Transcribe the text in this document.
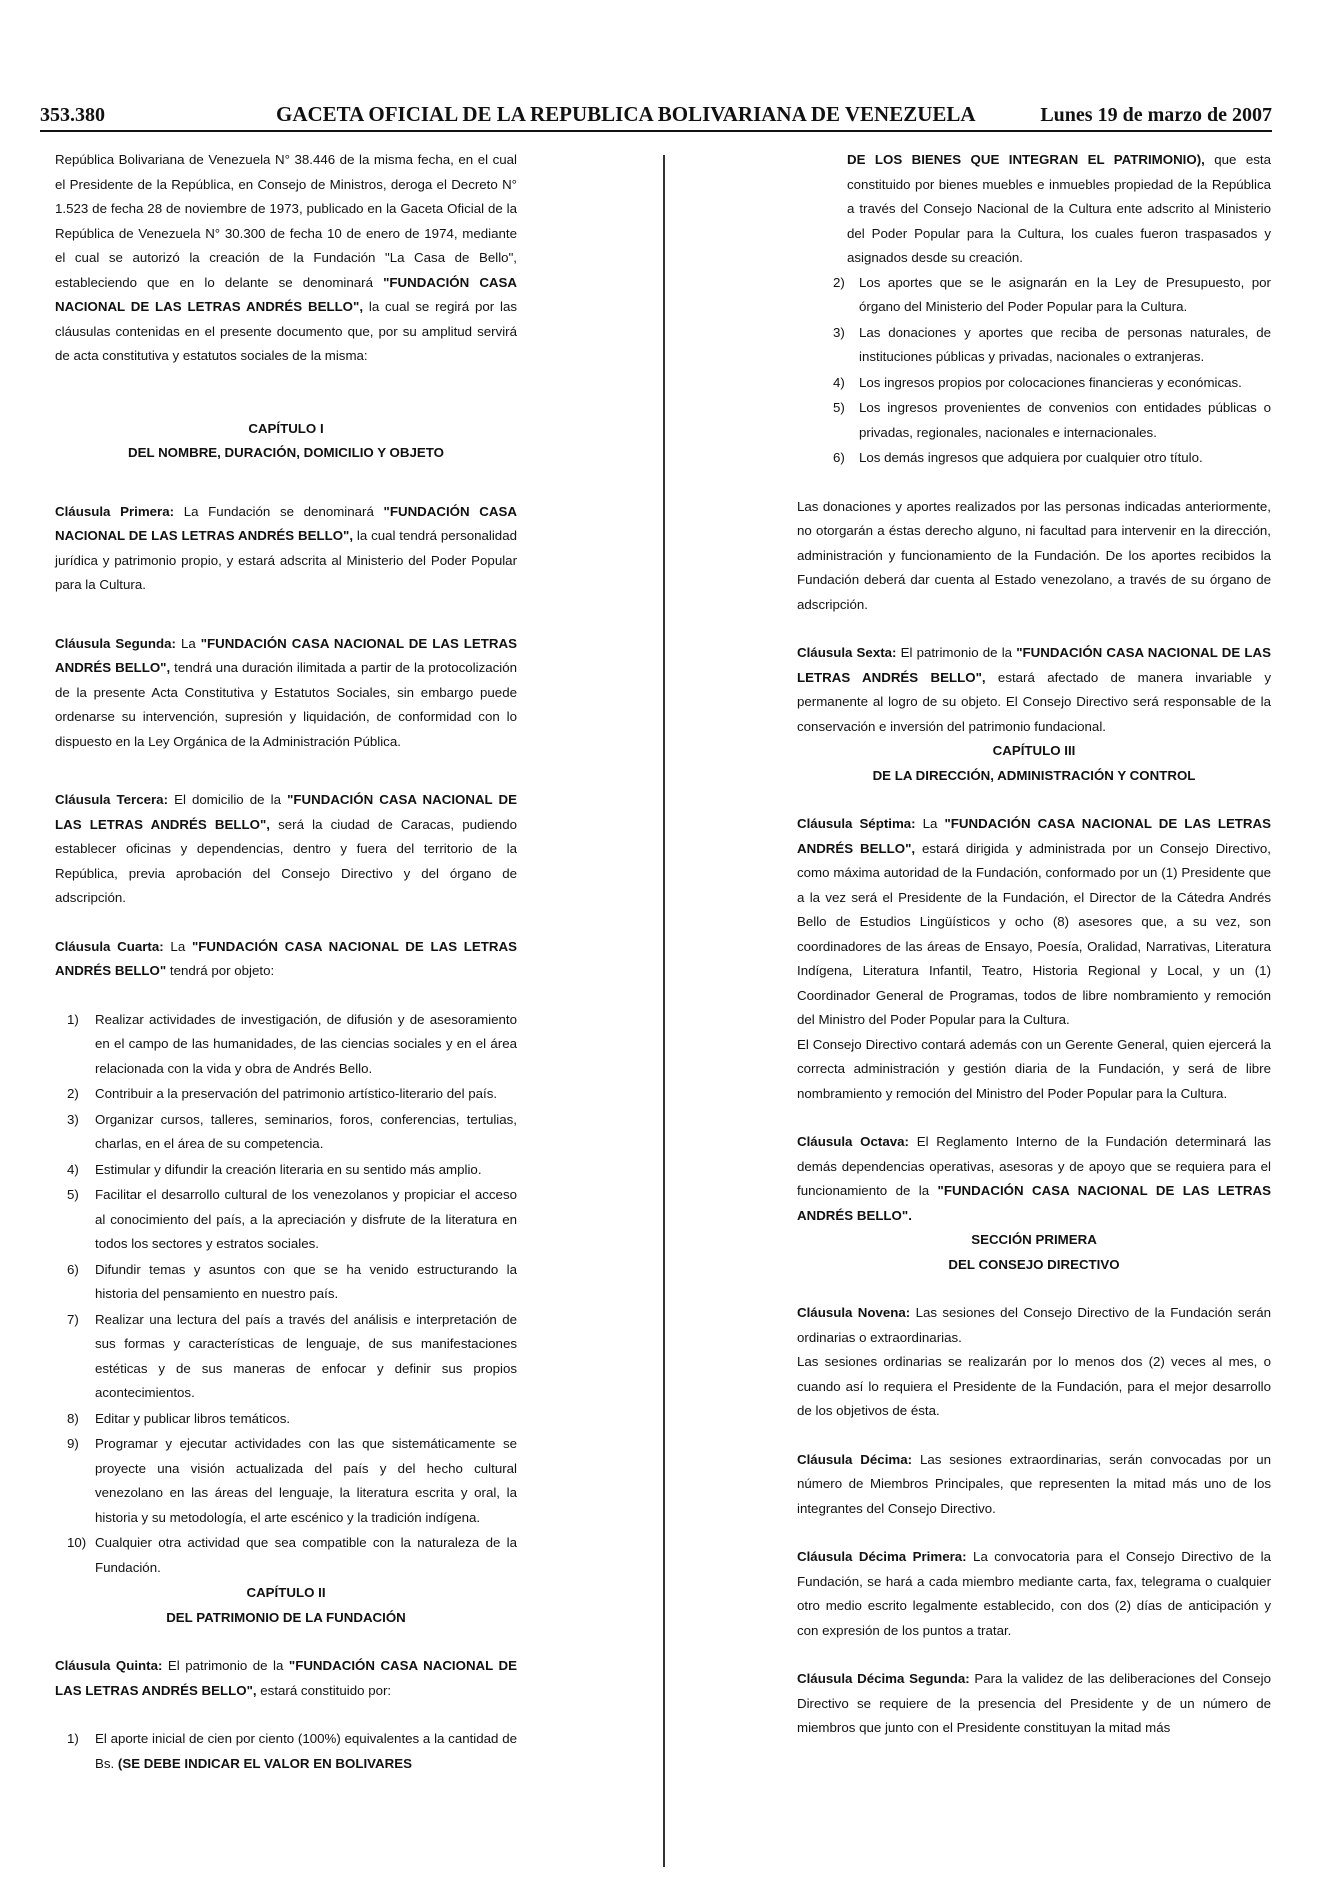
353.380	GACETA OFICIAL DE LA REPUBLICA BOLIVARIANA DE VENEZUELA	Lunes 19 de marzo de 2007

República Bolivariana de Venezuela N° 38.446 de la misma fecha, en el cual el Presidente de la República, en Consejo de Ministros, deroga el Decreto N° 1.523 de fecha 28 de noviembre de 1973, publicado en la Gaceta Oficial de la República de Venezuela N° 30.300 de fecha 10 de enero de 1974, mediante el cual se autorizó la creación de la Fundación "La Casa de Bello", estableciendo que en lo delante se denominará "FUNDACIÓN CASA NACIONAL DE LAS LETRAS ANDRÉS BELLO", la cual se regirá por las cláusulas contenidas en el presente documento que, por su amplitud servirá de acta constitutiva y estatutos sociales de la misma:

CAPÍTULO I

DEL NOMBRE, DURACIÓN, DOMICILIO Y OBJETO

Cláusula Primera: La Fundación se denominará "FUNDACIÓN CASA NACIONAL DE LAS LETRAS ANDRÉS BELLO", la cual tendrá personalidad jurídica y patrimonio propio, y estará adscrita al Ministerio del Poder Popular para la Cultura.

Cláusula Segunda: La "FUNDACIÓN CASA NACIONAL DE LAS LETRAS ANDRÉS BELLO", tendrá una duración ilimitada a partir de la protocolización de la presente Acta Constitutiva y Estatutos Sociales, sin embargo puede ordenarse su intervención, supresión y liquidación, de conformidad con lo dispuesto en la Ley Orgánica de la Administración Pública.

Cláusula Tercera: El domicilio de la "FUNDACIÓN CASA NACIONAL DE LAS LETRAS ANDRÉS BELLO", será la ciudad de Caracas, pudiendo establecer oficinas y dependencias, dentro y fuera del territorio de la República, previa aprobación del Consejo Directivo y del órgano de adscripción.

Cláusula Cuarta: La "FUNDACIÓN CASA NACIONAL DE LAS LETRAS ANDRÉS BELLO" tendrá por objeto:

1) Realizar actividades de investigación, de difusión y de asesoramiento en el campo de las humanidades, de las ciencias sociales y en el área relacionada con la vida y obra de Andrés Bello.
2) Contribuir a la preservación del patrimonio artístico-literario del país.
3) Organizar cursos, talleres, seminarios, foros, conferencias, tertulias, charlas, en el área de su competencia.
4) Estimular y difundir la creación literaria en su sentido más amplio.
5) Facilitar el desarrollo cultural de los venezolanos y propiciar el acceso al conocimiento del país, a la apreciación y disfrute de la literatura en todos los sectores y estratos sociales.
6) Difundir temas y asuntos con que se ha venido estructurando la historia del pensamiento en nuestro país.
7) Realizar una lectura del país a través del análisis e interpretación de sus formas y características de lenguaje, de sus manifestaciones estéticas y de sus maneras de enfocar y definir sus propios acontecimientos.
8) Editar y publicar libros temáticos.
9) Programar y ejecutar actividades con las que sistemáticamente se proyecte una visión actualizada del país y del hecho cultural venezolano en las áreas del lenguaje, la literatura escrita y oral, la historia y su metodología, el arte escénico y la tradición indígena.
10) Cualquier otra actividad que sea compatible con la naturaleza de la Fundación.

CAPÍTULO II

DEL PATRIMONIO DE LA FUNDACIÓN

Cláusula Quinta: El patrimonio de la "FUNDACIÓN CASA NACIONAL DE LAS LETRAS ANDRÉS BELLO", estará constituido por:

1) El aporte inicial de cien por ciento (100%) equivalentes a la cantidad de Bs. (SE DEBE INDICAR EL VALOR EN BOLIVARES

DE LOS BIENES QUE INTEGRAN EL PATRIMONIO), que esta constituido por bienes muebles e inmuebles propiedad de la República a través del Consejo Nacional de la Cultura ente adscrito al Ministerio del Poder Popular para la Cultura, los cuales fueron traspasados y asignados desde su creación.

2) Los aportes que se le asignarán en la Ley de Presupuesto, por órgano del Ministerio del Poder Popular para la Cultura.
3) Las donaciones y aportes que reciba de personas naturales, de instituciones públicas y privadas, nacionales o extranjeras.
4) Los ingresos propios por colocaciones financieras y económicas.
5) Los ingresos provenientes de convenios con entidades públicas o privadas, regionales, nacionales e internacionales.
6) Los demás ingresos que adquiera por cualquier otro título.

Las donaciones y aportes realizados por las personas indicadas anteriormente, no otorgarán a éstas derecho alguno, ni facultad para intervenir en la dirección, administración y funcionamiento de la Fundación. De los aportes recibidos la Fundación deberá dar cuenta al Estado venezolano, a través de su órgano de adscripción.

Cláusula Sexta: El patrimonio de la "FUNDACIÓN CASA NACIONAL DE LAS LETRAS ANDRÉS BELLO", estará afectado de manera invariable y permanente al logro de su objeto. El Consejo Directivo será responsable de la conservación e inversión del patrimonio fundacional.

CAPÍTULO III

DE LA DIRECCIÓN, ADMINISTRACIÓN Y CONTROL

Cláusula Séptima: La "FUNDACIÓN CASA NACIONAL DE LAS LETRAS ANDRÉS BELLO", estará dirigida y administrada por un Consejo Directivo, como máxima autoridad de la Fundación, conformado por un (1) Presidente que a la vez será el Presidente de la Fundación, el Director de la Cátedra Andrés Bello de Estudios Lingüísticos y ocho (8) asesores que, a su vez, son coordinadores de las áreas de Ensayo, Poesía, Oralidad, Narrativas, Literatura Indígena, Literatura Infantil, Teatro, Historia Regional y Local, y un (1) Coordinador General de Programas, todos de libre nombramiento y remoción del Ministro del Poder Popular para la Cultura.

El Consejo Directivo contará además con un Gerente General, quien ejercerá la correcta administración y gestión diaria de la Fundación, y será de libre nombramiento y remoción del Ministro del Poder Popular para la Cultura.

Cláusula Octava: El Reglamento Interno de la Fundación determinará las demás dependencias operativas, asesoras y de apoyo que se requiera para el funcionamiento de la "FUNDACIÓN CASA NACIONAL DE LAS LETRAS ANDRÉS BELLO".

SECCIÓN PRIMERA

DEL CONSEJO DIRECTIVO

Cláusula Novena: Las sesiones del Consejo Directivo de la Fundación serán ordinarias o extraordinarias.

Las sesiones ordinarias se realizarán por lo menos dos (2) veces al mes, o cuando así lo requiera el Presidente de la Fundación, para el mejor desarrollo de los objetivos de ésta.

Cláusula Décima: Las sesiones extraordinarias, serán convocadas por un número de Miembros Principales, que representen la mitad más uno de los integrantes del Consejo Directivo.

Cláusula Décima Primera: La convocatoria para el Consejo Directivo de la Fundación, se hará a cada miembro mediante carta, fax, telegrama o cualquier otro medio escrito legalmente establecido, con dos (2) días de anticipación y con expresión de los puntos a tratar.

Cláusula Décima Segunda: Para la validez de las deliberaciones del Consejo Directivo se requiere de la presencia del Presidente y de un número de miembros que junto con el Presidente constituyan la mitad más
